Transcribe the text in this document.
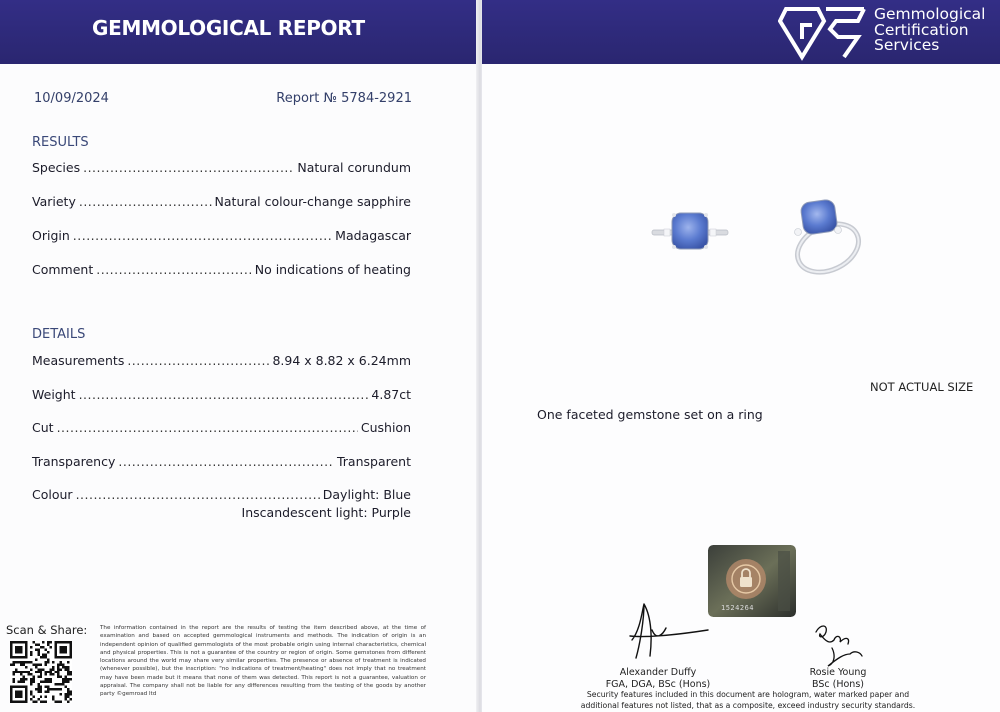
GEMMOLOGICAL REPORT
10/09/2024	Report № 5784-2921
RESULTS
Species .....	Natural corundum
Variety .....	Natural colour-change sapphire
Origin .....	Madagascar
Comment .....	No indications of heating
DETAILS
Measurements .....	8.94 x 8.82 x 6.24mm
Weight .....	4.87ct
Cut .....	Cushion
Transparency .....	Transparent
Colour .....	Daylight: Blue
Inscandescent light: Purple
Scan & Share: The information contained in the report are the results of testing the item described above, at the time of examination and based on accepted gemmological instruments and methods. The indication of origin is an independent opinion of qualified gemmologists of the most probable origin using internal characteristics, chemical and physical properties. This is not a guarantee of the country or region of origin. Some gemstones from different locations around the world may share very similar properties. The presence or absence of treatment is indicated (whenever possible), but the inscription: "no indications of treatment/heating" does not imply that no treatment may have been made but it means that none of them was detected. This report is not a guarantee, valuation or appraisal. The company shall not be liable for any differences resulting from the testing of the goods by another party ©gemroad ltd
Gemmological
Certification
Services
NOT ACTUAL SIZE
One faceted gemstone set on a ring
1524264
Alexander Duffy
FGA, DGA, BSc (Hons)
Rosie Young
BSc (Hons)
Security features included in this document are hologram, water marked paper and additional features not listed, that as a composite, exceed industry security standards.
